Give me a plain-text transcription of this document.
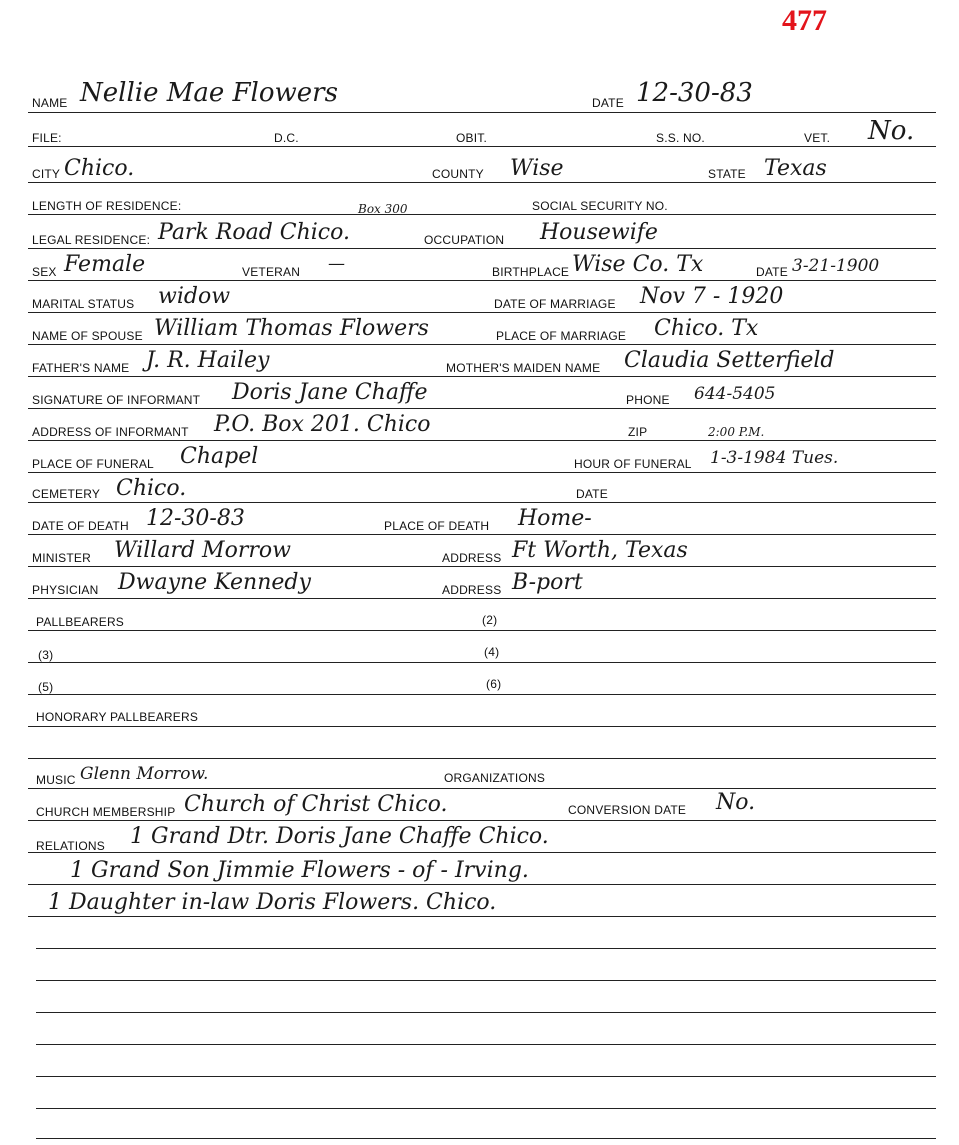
477
NAME Nellie Mae Flowers	DATE 12-30-83
FILE:	D.C.	OBIT.	S.S. NO.	VET. No.
CITY Chico.	COUNTY Wise	STATE Texas
LENGTH OF RESIDENCE:	SOCIAL SECURITY NO.
Box 300
LEGAL RESIDENCE: Park Road Chico.	OCCUPATION Housewife
SEX Female	VETERAN —	BIRTHPLACE Wise Co. Tx	DATE 3-21-1900
MARITAL STATUS widow	DATE OF MARRIAGE Nov 7 - 1920
NAME OF SPOUSE William Thomas Flowers	PLACE OF MARRIAGE Chico. Tx
FATHER'S NAME J. R. Hailey	MOTHER'S MAIDEN NAME Claudia Setterfield
SIGNATURE OF INFORMANT Doris Jane Chaffe	PHONE 644-5405
ADDRESS OF INFORMANT P.O. Box 201. Chico	ZIP	2:00 P.M.
PLACE OF FUNERAL Chapel	HOUR OF FUNERAL 1-3-1984 Tues.
CEMETERY Chico.	DATE
DATE OF DEATH 12-30-83	PLACE OF DEATH Home-
MINISTER Willard Morrow	ADDRESS Ft Worth, Texas
PHYSICIAN Dwayne Kennedy	ADDRESS B-port
PALLBEARERS	(2)
(3)	(4)
(5)	(6)
HONORARY PALLBEARERS
MUSIC Glenn Morrow.	ORGANIZATIONS
CHURCH MEMBERSHIP Church of Christ Chico.	CONVERSION DATE No.
RELATIONS 1 Grand Dtr. Doris Jane Chaffe Chico.
1 Grand Son Jimmie Flowers - of - Irving.
1 Daughter in-law Doris Flowers. Chico.
